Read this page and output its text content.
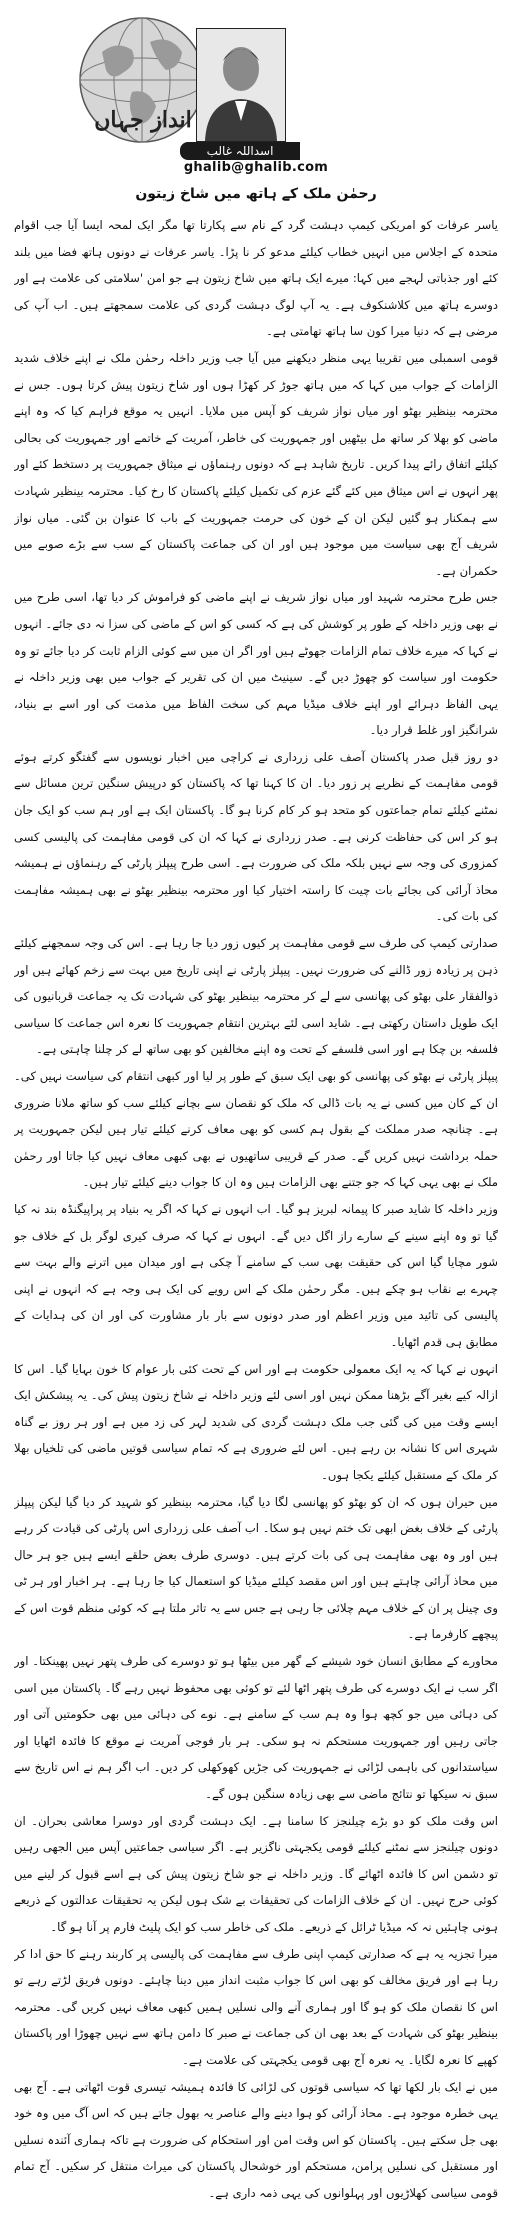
انداز جہاں
اسداللہ غالب
ghalib@ghalib.com
رحمٰن ملک کے ہاتھ میں شاخ زیتون

یاسر عرفات کو امریکی کیمپ دہشت گرد کے نام سے پکارتا تھا مگر ایک لمحہ ایسا آیا جب اقوام متحدہ کے اجلاس میں انہیں خطاب کیلئے مدعو کر نا پڑا۔ یاسر عرفات نے دونوں ہاتھ فضا میں بلند کئے اور جذباتی لہجے میں کہا: میرے ایک ہاتھ میں شاخ زیتون ہے جو امن 'سلامتی کی علامت ہے اور دوسرے ہاتھ میں کلاشنکوف ہے۔ یہ آپ لوگ دہشت گردی کی علامت سمجھتے ہیں۔ اب آپ کی مرضی ہے کہ دنیا میرا کون سا ہاتھ تھامتی ہے۔

قومی اسمبلی میں تقریبا یہی منظر دیکھنے میں آیا جب وزیر داخلہ رحمٰن ملک نے اپنے خلاف شدید الزامات کے جواب میں کہا کہ میں ہاتھ جوڑ کر کھڑا ہوں اور شاخ زیتون پیش کرتا ہوں۔ جس نے محترمہ بینظیر بھٹو اور میاں نواز شریف کو آپس میں ملایا۔ انہیں یہ موقع فراہم کیا کہ وہ اپنے ماضی کو بھلا کر ساتھ مل بیٹھیں اور جمہوریت کی خاطر، آمریت کے خاتمے اور جمہوریت کی بحالی کیلئے اتفاق رائے پیدا کریں۔ تاریخ شاہد ہے کہ دونوں رہنماؤں نے میثاق جمہوریت پر دستخط کئے اور پھر انہوں نے اس میثاق میں کئے گئے عزم کی تکمیل کیلئے پاکستان کا رخ کیا۔ محترمہ بینظیر شہادت سے ہمکنار ہو گئیں لیکن ان کے خون کی حرمت جمہوریت کے باب کا عنوان بن گئی۔ میاں نواز شریف آج بھی سیاست میں موجود ہیں اور ان کی جماعت پاکستان کے سب سے بڑے صوبے میں حکمران ہے۔

جس طرح محترمہ شہید اور میاں نواز شریف نے اپنے ماضی کو فراموش کر دیا تھا، اسی طرح میں نے بھی وزیر داخلہ کے طور پر کوشش کی ہے کہ کسی کو اس کے ماضی کی سزا نہ دی جائے۔ انہوں نے کہا کہ میرے خلاف تمام الزامات جھوٹے ہیں اور اگر ان میں سے کوئی الزام ثابت کر دیا جائے تو وہ حکومت اور سیاست کو چھوڑ دیں گے۔ سینیٹ میں ان کی تقریر کے جواب میں بھی وزیر داخلہ نے یہی الفاظ دہرائے اور اپنے خلاف میڈیا مہم کی سخت الفاظ میں مذمت کی اور اسے بے بنیاد، شرانگیز اور غلط قرار دیا۔

دو روز قبل صدر پاکستان آصف علی زرداری نے کراچی میں اخبار نویسوں سے گفتگو کرتے ہوئے قومی مفاہمت کے نظریے پر زور دیا۔ ان کا کہنا تھا کہ پاکستان کو درپیش سنگین ترین مسائل سے نمٹنے کیلئے تمام جماعتوں کو متحد ہو کر کام کرنا ہو گا۔ پاکستان ایک ہے اور ہم سب کو ایک جان ہو کر اس کی حفاظت کرنی ہے۔ صدر زرداری نے کہا کہ ان کی قومی مفاہمت کی پالیسی کسی کمزوری کی وجہ سے نہیں بلکہ ملک کی ضرورت ہے۔ اسی طرح پیپلز پارٹی کے رہنماؤں نے ہمیشہ محاذ آرائی کی بجائے بات چیت کا راستہ اختیار کیا اور محترمہ بینظیر بھٹو نے بھی ہمیشہ مفاہمت کی بات کی۔

صدارتی کیمپ کی طرف سے قومی مفاہمت پر کیوں زور دیا جا رہا ہے۔ اس کی وجہ سمجھنے کیلئے ذہن پر زیادہ زور ڈالنے کی ضرورت نہیں۔ پیپلز پارٹی نے اپنی تاریخ میں بہت سے زخم کھائے ہیں اور ذوالفقار علی بھٹو کی پھانسی سے لے کر محترمہ بینظیر بھٹو کی شہادت تک یہ جماعت قربانیوں کی ایک طویل داستان رکھتی ہے۔ شاید اسی لئے بہترین انتقام جمہوریت کا نعرہ اس جماعت کا سیاسی فلسفہ بن چکا ہے اور اسی فلسفے کے تحت وہ اپنے مخالفین کو بھی ساتھ لے کر چلنا چاہتی ہے۔

پیپلز پارٹی نے بھٹو کی پھانسی کو بھی ایک سبق کے طور پر لیا اور کبھی انتقام کی سیاست نہیں کی۔ ان کے کان میں کسی نے یہ بات ڈالی کہ ملک کو نقصان سے بچانے کیلئے سب کو ساتھ ملانا ضروری ہے۔ چنانچہ صدر مملکت کے بقول ہم کسی کو بھی معاف کرنے کیلئے تیار ہیں لیکن جمہوریت پر حملہ برداشت نہیں کریں گے۔ صدر کے قریبی ساتھیوں نے بھی کبھی معاف نہیں کیا جاتا اور رحمٰن ملک نے بھی یہی کہا کہ جو جتنے بھی الزامات ہیں وہ ان کا جواب دینے کیلئے تیار ہیں۔

وزیر داخلہ کا شاید صبر کا پیمانہ لبریز ہو گیا۔ اب انہوں نے کہا کہ اگر یہ بنیاد پر پراپیگنڈہ بند نہ کیا گیا تو وہ اپنے سینے کے سارے راز اگل دیں گے۔ انہوں نے کہا کہ صرف کیری لوگر بل کے خلاف جو شور مچایا گیا اس کی حقیقت بھی سب کے سامنے آ چکی ہے اور میدان میں اترنے والے بہت سے چہرے بے نقاب ہو چکے ہیں۔ مگر رحمٰن ملک کے اس رویے کی ایک ہی وجہ ہے کہ انہوں نے اپنی پالیسی کی تائید میں وزیر اعظم اور صدر دونوں سے بار بار مشاورت کی اور ان کی ہدایات کے مطابق ہی قدم اٹھایا۔

انہوں نے کہا کہ یہ ایک معمولی حکومت ہے اور اس کے تحت کئی بار عوام کا خون بہایا گیا۔ اس کا ازالہ کیے بغیر آگے بڑھنا ممکن نہیں اور اسی لئے وزیر داخلہ نے شاخ زیتون پیش کی۔ یہ پیشکش ایک ایسے وقت میں کی گئی جب ملک دہشت گردی کی شدید لہر کی زد میں ہے اور ہر روز بے گناہ شہری اس کا نشانہ بن رہے ہیں۔ اس لئے ضروری ہے کہ تمام سیاسی قوتیں ماضی کی تلخیاں بھلا کر ملک کے مستقبل کیلئے یکجا ہوں۔

میں حیران ہوں کہ ان کو بھٹو کو پھانسی لگا دیا گیا، محترمہ بینظیر کو شہید کر دیا گیا لیکن پیپلز پارٹی کے خلاف بغض ابھی تک ختم نہیں ہو سکا۔ اب آصف علی زرداری اس پارٹی کی قیادت کر رہے ہیں اور وہ بھی مفاہمت ہی کی بات کرتے ہیں۔ دوسری طرف بعض حلقے ایسے ہیں جو ہر حال میں محاذ آرائی چاہتے ہیں اور اس مقصد کیلئے میڈیا کو استعمال کیا جا رہا ہے۔ ہر اخبار اور ہر ٹی وی چینل پر ان کے خلاف مہم چلائی جا رہی ہے جس سے یہ تاثر ملتا ہے کہ کوئی منظم قوت اس کے پیچھے کارفرما ہے۔

محاورے کے مطابق انسان خود شیشے کے گھر میں بیٹھا ہو تو دوسرے کی طرف پتھر نہیں پھینکتا۔ اور اگر سب نے ایک دوسرے کی طرف پتھر اٹھا لئے تو کوئی بھی محفوظ نہیں رہے گا۔ پاکستان میں اسی کی دہائی میں جو کچھ ہوا وہ ہم سب کے سامنے ہے۔ نوے کی دہائی میں بھی حکومتیں آتی اور جاتی رہیں اور جمہوریت مستحکم نہ ہو سکی۔ ہر بار فوجی آمریت نے موقع کا فائدہ اٹھایا اور سیاستدانوں کی باہمی لڑائی نے جمہوریت کی جڑیں کھوکھلی کر دیں۔ اب اگر ہم نے اس تاریخ سے سبق نہ سیکھا تو نتائج ماضی سے بھی زیادہ سنگین ہوں گے۔

اس وقت ملک کو دو بڑے چیلنجز کا سامنا ہے۔ ایک دہشت گردی اور دوسرا معاشی بحران۔ ان دونوں چیلنجز سے نمٹنے کیلئے قومی یکجہتی ناگزیر ہے۔ اگر سیاسی جماعتیں آپس میں الجھی رہیں تو دشمن اس کا فائدہ اٹھائے گا۔ وزیر داخلہ نے جو شاخ زیتون پیش کی ہے اسے قبول کر لینے میں کوئی حرج نہیں۔ ان کے خلاف الزامات کی تحقیقات بے شک ہوں لیکن یہ تحقیقات عدالتوں کے ذریعے ہونی چاہئیں نہ کہ میڈیا ٹرائل کے ذریعے۔ ملک کی خاطر سب کو ایک پلیٹ فارم پر آنا ہو گا۔

میرا تجزیہ یہ ہے کہ صدارتی کیمپ اپنی طرف سے مفاہمت کی پالیسی پر کاربند رہنے کا حق ادا کر رہا ہے اور فریق مخالف کو بھی اس کا جواب مثبت انداز میں دینا چاہئے۔ دونوں فریق لڑتے رہے تو اس کا نقصان ملک کو ہو گا اور ہماری آنے والی نسلیں ہمیں کبھی معاف نہیں کریں گی۔ محترمہ بینظیر بھٹو کی شہادت کے بعد بھی ان کی جماعت نے صبر کا دامن ہاتھ سے نہیں چھوڑا اور پاکستان کھپے کا نعرہ لگایا۔ یہ نعرہ آج بھی قومی یکجہتی کی علامت ہے۔

میں نے ایک بار لکھا تھا کہ سیاسی قوتوں کی لڑائی کا فائدہ ہمیشہ تیسری قوت اٹھاتی ہے۔ آج بھی یہی خطرہ موجود ہے۔ محاذ آرائی کو ہوا دینے والے عناصر یہ بھول جاتے ہیں کہ اس آگ میں وہ خود بھی جل سکتے ہیں۔ پاکستان کو اس وقت امن اور استحکام کی ضرورت ہے تاکہ ہماری آئندہ نسلیں اور مستقبل کی نسلیں پرامن، مستحکم اور خوشحال پاکستان کی میراث منتقل کر سکیں۔ آج تمام قومی سیاسی کھلاڑیوں اور پہلوانوں کی یہی ذمہ داری ہے۔
